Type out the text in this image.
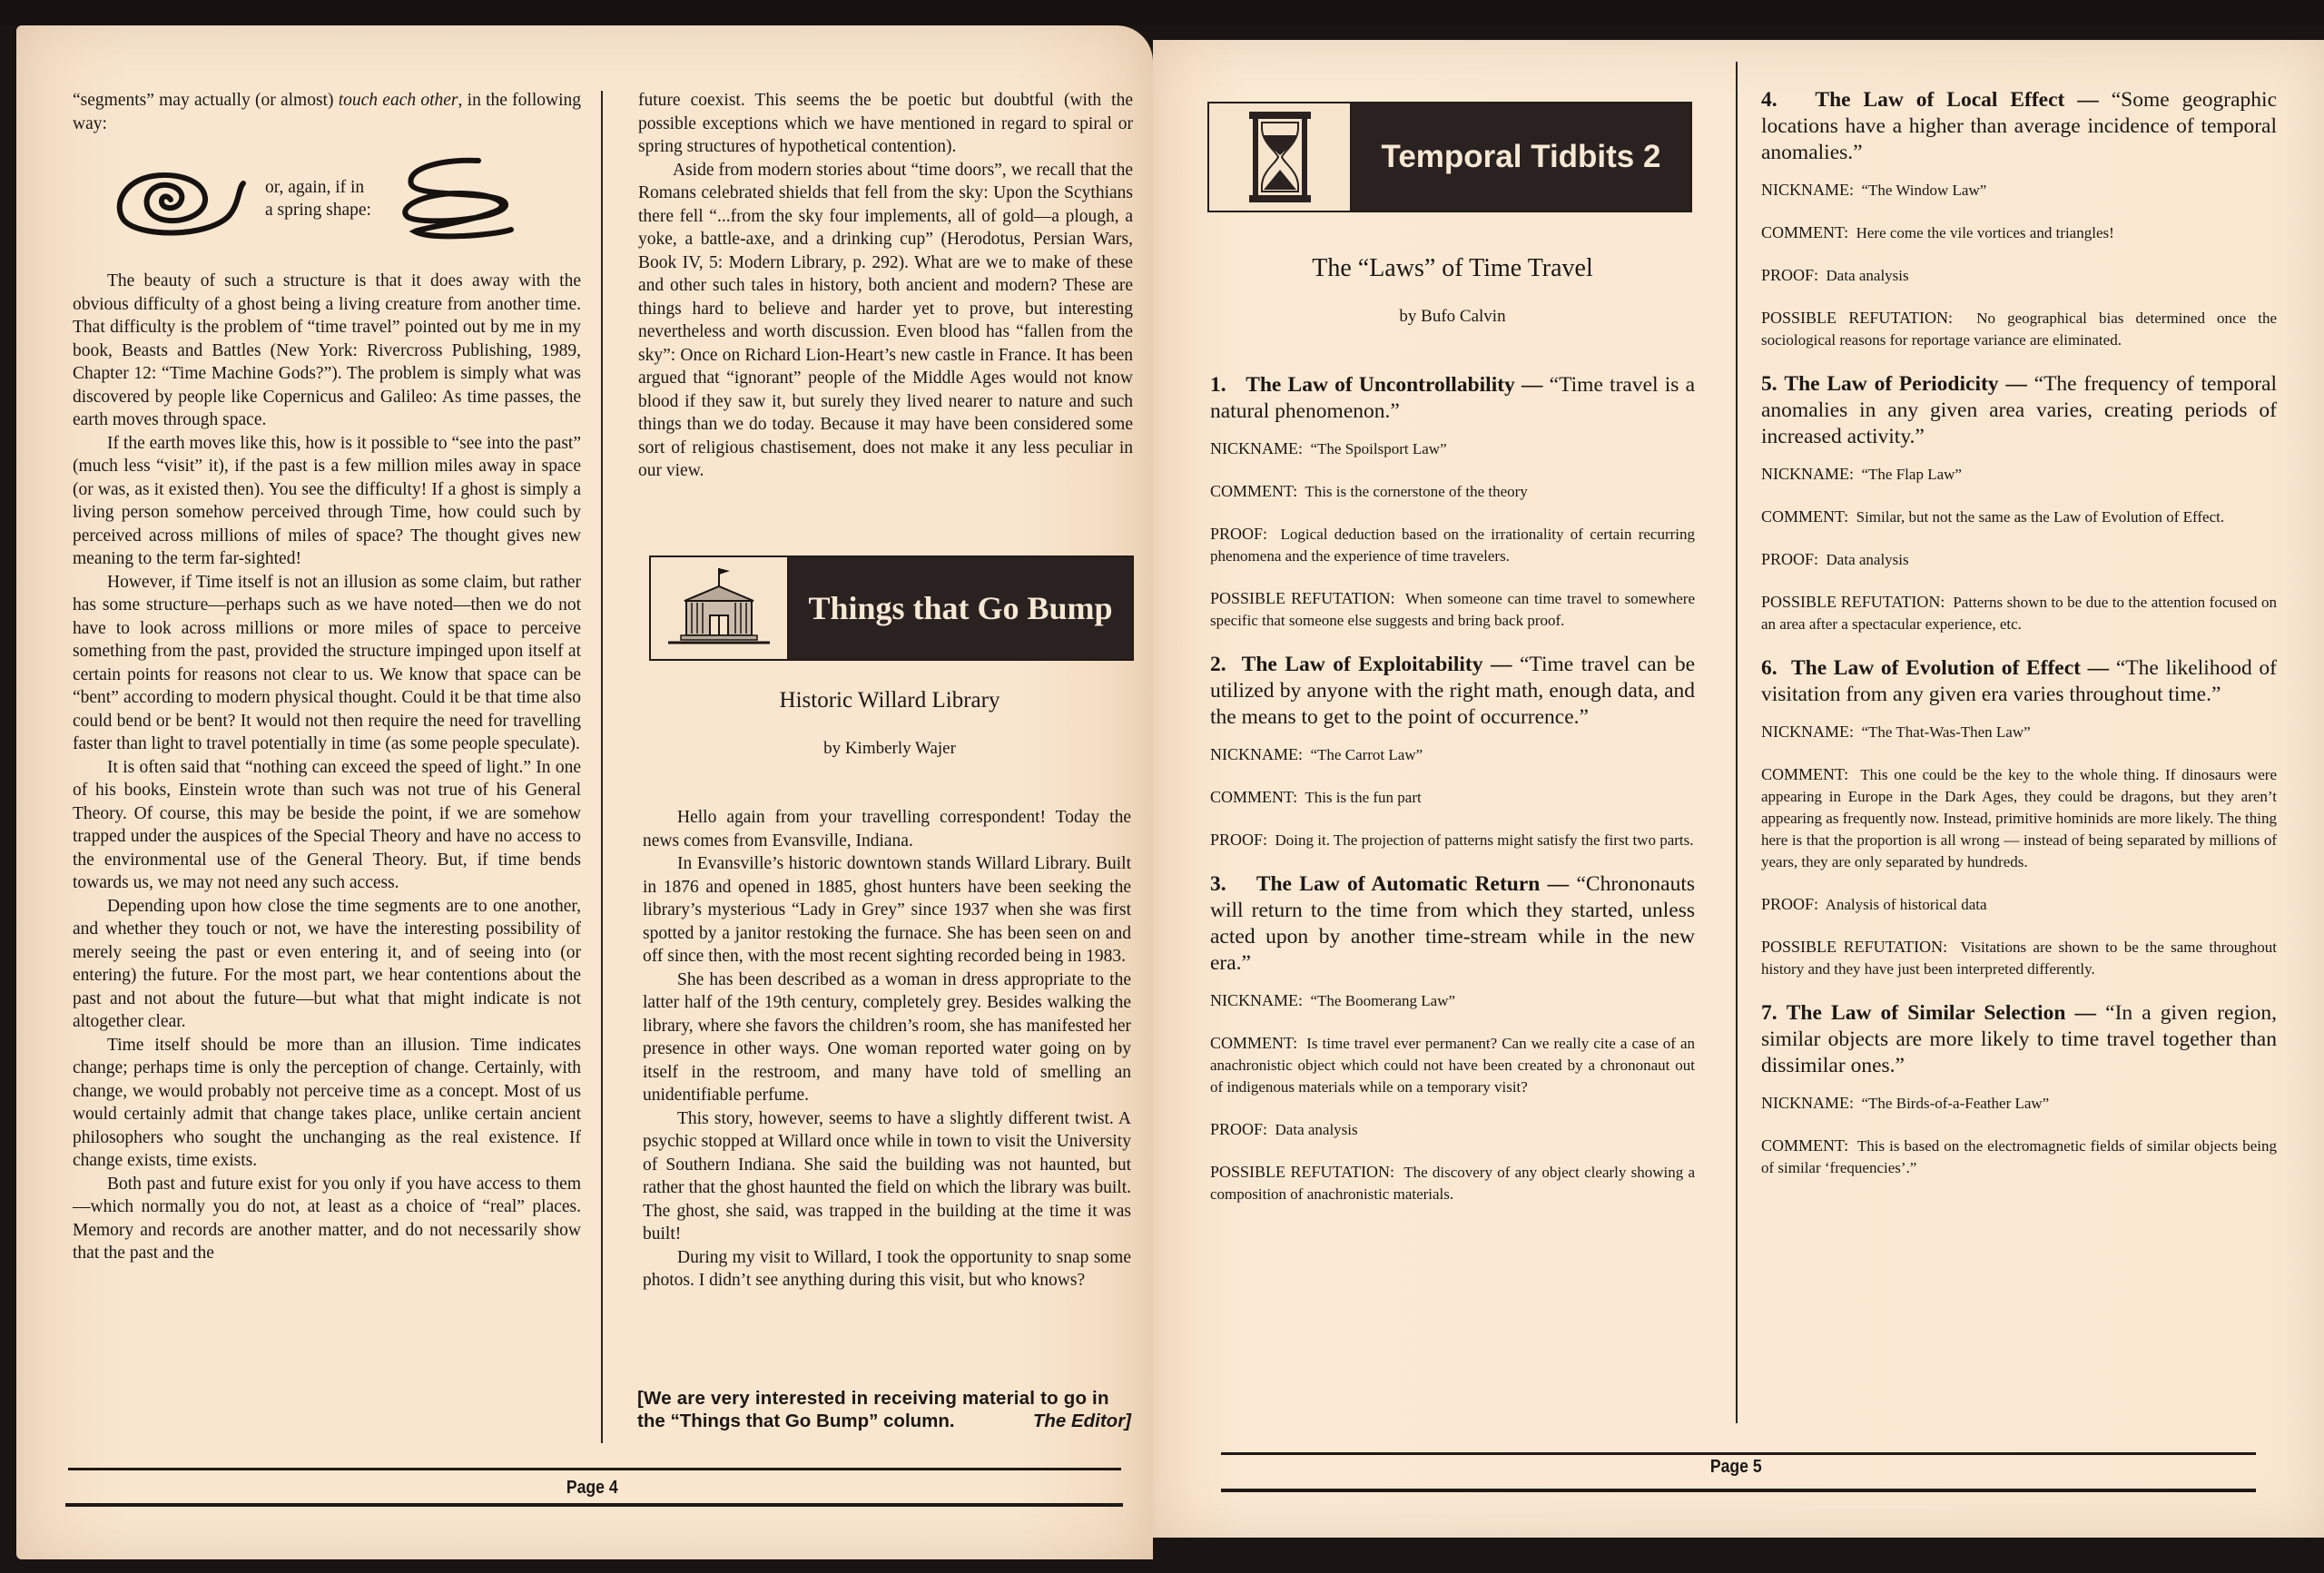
“segments” may actually (or almost) touch each other, in the following way:

or, again, if in
a spring shape:

The beauty of such a structure is that it does away with the obvious difficulty of a ghost being a living creature from another time. That difficulty is the problem of “time travel” pointed out by me in my book, Beasts and Battles (New York: Rivercross Publishing, 1989, Chapter 12: “Time Machine Gods?”). The problem is simply what was discovered by people like Copernicus and Galileo: As time passes, the earth moves through space.

If the earth moves like this, how is it possible to “see into the past” (much less “visit” it), if the past is a few million miles away in space (or was, as it existed then). You see the difficulty! If a ghost is simply a living person somehow perceived through Time, how could such by perceived across millions of miles of space? The thought gives new meaning to the term far-sighted!

However, if Time itself is not an illusion as some claim, but rather has some structure—perhaps such as we have noted—then we do not have to look across millions or more miles of space to perceive something from the past, provided the structure impinged upon itself at certain points for reasons not clear to us. We know that space can be “bent” according to modern physical thought. Could it be that time also could bend or be bent? It would not then require the need for travelling faster than light to travel potentially in time (as some people speculate).

It is often said that “nothing can exceed the speed of light.” In one of his books, Einstein wrote than such was not true of his General Theory. Of course, this may be beside the point, if we are somehow trapped under the auspices of the Special Theory and have no access to the environmental use of the General Theory. But, if time bends towards us, we may not need any such access.

Depending upon how close the time segments are to one another, and whether they touch or not, we have the interesting possibility of merely seeing the past or even entering it, and of seeing into (or entering) the future. For the most part, we hear contentions about the past and not about the future—but what that might indicate is not altogether clear.

Time itself should be more than an illusion. Time indicates change; perhaps time is only the perception of change. Certainly, with change, we would probably not perceive time as a concept. Most of us would certainly admit that change takes place, unlike certain ancient philosophers who sought the unchanging as the real existence. If change exists, time exists.

Both past and future exist for you only if you have access to them—which normally you do not, at least as a choice of “real” places. Memory and records are another matter, and do not necessarily show that the past and the

future coexist. This seems the be poetic but doubtful (with the possible exceptions which we have mentioned in regard to spiral or spring structures of hypothetical contention).

Aside from modern stories about “time doors”, we recall that the Romans celebrated shields that fell from the sky: Upon the Scythians there fell “...from the sky four implements, all of gold—a plough, a yoke, a battle-axe, and a drinking cup” (Herodotus, Persian Wars, Book IV, 5: Modern Library, p. 292). What are we to make of these and other such tales in history, both ancient and modern? These are things hard to believe and harder yet to prove, but interesting nevertheless and worth discussion. Even blood has “fallen from the sky”: Once on Richard Lion-Heart’s new castle in France. It has been argued that “ignorant” people of the Middle Ages would not know blood if they saw it, but surely they lived nearer to nature and such things than we do today. Because it may have been considered some sort of religious chastisement, does not make it any less peculiar in our view.

Things that Go Bump
Historic Willard Library
by Kimberly Wajer

Hello again from your travelling correspondent! Today the news comes from Evansville, Indiana.

In Evansville’s historic downtown stands Willard Library. Built in 1876 and opened in 1885, ghost hunters have been seeking the library’s mysterious “Lady in Grey” since 1937 when she was first spotted by a janitor restoking the furnace. She has been seen on and off since then, with the most recent sighting recorded being in 1983.

She has been described as a woman in dress appropriate to the latter half of the 19th century, completely grey. Besides walking the library, where she favors the children’s room, she has manifested her presence in other ways. One woman reported water going on by itself in the restroom, and many have told of smelling an unidentifiable perfume.

This story, however, seems to have a slightly different twist. A psychic stopped at Willard once while in town to visit the University of Southern Indiana. She said the building was not haunted, but rather that the ghost haunted the field on which the library was built. The ghost, she said, was trapped in the building at the time it was built!

During my visit to Willard, I took the opportunity to snap some photos. I didn’t see anything during this visit, but who knows?

[We are very interested in receiving material to go in
the “Things that Go Bump” column.	The Editor]
Page 4
Temporal Tidbits 2
The “Laws” of Time Travel
by Bufo Calvin
1. The Law of Uncontrollability — “Time travel is a natural phenomenon.”
NICKNAME: “The Spoilsport Law”
COMMENT: This is the cornerstone of the theory
PROOF: Logical deduction based on the irrationality of certain recurring phenomena and the experience of time travelers.
POSSIBLE REFUTATION: When someone can time travel to somewhere specific that someone else suggests and bring back proof.
2. The Law of Exploitability — “Time travel can be utilized by anyone with the right math, enough data, and the means to get to the point of occurrence.”
NICKNAME: “The Carrot Law”
COMMENT: This is the fun part
PROOF: Doing it. The projection of patterns might satisfy the first two parts.
3. The Law of Automatic Return — “Chrononauts will return to the time from which they started, unless acted upon by another time-stream while in the new era.”
NICKNAME: “The Boomerang Law”
COMMENT: Is time travel ever permanent? Can we really cite a case of an anachronistic object which could not have been created by a chrononaut out of indigenous materials while on a temporary visit?
PROOF: Data analysis
POSSIBLE REFUTATION: The discovery of any object clearly showing a composition of anachronistic materials.
4. The Law of Local Effect — “Some geographic locations have a higher than average incidence of temporal anomalies.”
NICKNAME: “The Window Law”
COMMENT: Here come the vile vortices and triangles!
PROOF: Data analysis
POSSIBLE REFUTATION: No geographical bias determined once the sociological reasons for reportage variance are eliminated.
5. The Law of Periodicity — “The frequency of temporal anomalies in any given area varies, creating periods of increased activity.”
NICKNAME: “The Flap Law”
COMMENT: Similar, but not the same as the Law of Evolution of Effect.
PROOF: Data analysis
POSSIBLE REFUTATION: Patterns shown to be due to the attention focused on an area after a spectacular experience, etc.
6. The Law of Evolution of Effect — “The likelihood of visitation from any given era varies throughout time.”
NICKNAME: “The That-Was-Then Law”
COMMENT: This one could be the key to the whole thing. If dinosaurs were appearing in Europe in the Dark Ages, they could be dragons, but they aren’t appearing as frequently now. Instead, primitive hominids are more likely. The thing here is that the proportion is all wrong — instead of being separated by millions of years, they are only separated by hundreds.
PROOF: Analysis of historical data
POSSIBLE REFUTATION: Visitations are shown to be the same throughout history and they have just been interpreted differently.
7. The Law of Similar Selection — “In a given region, similar objects are more likely to time travel together than dissimilar ones.”
NICKNAME: “The Birds-of-a-Feather Law”
COMMENT: This is based on the electromagnetic fields of similar objects being of similar ‘frequencies’.”
Page 5
